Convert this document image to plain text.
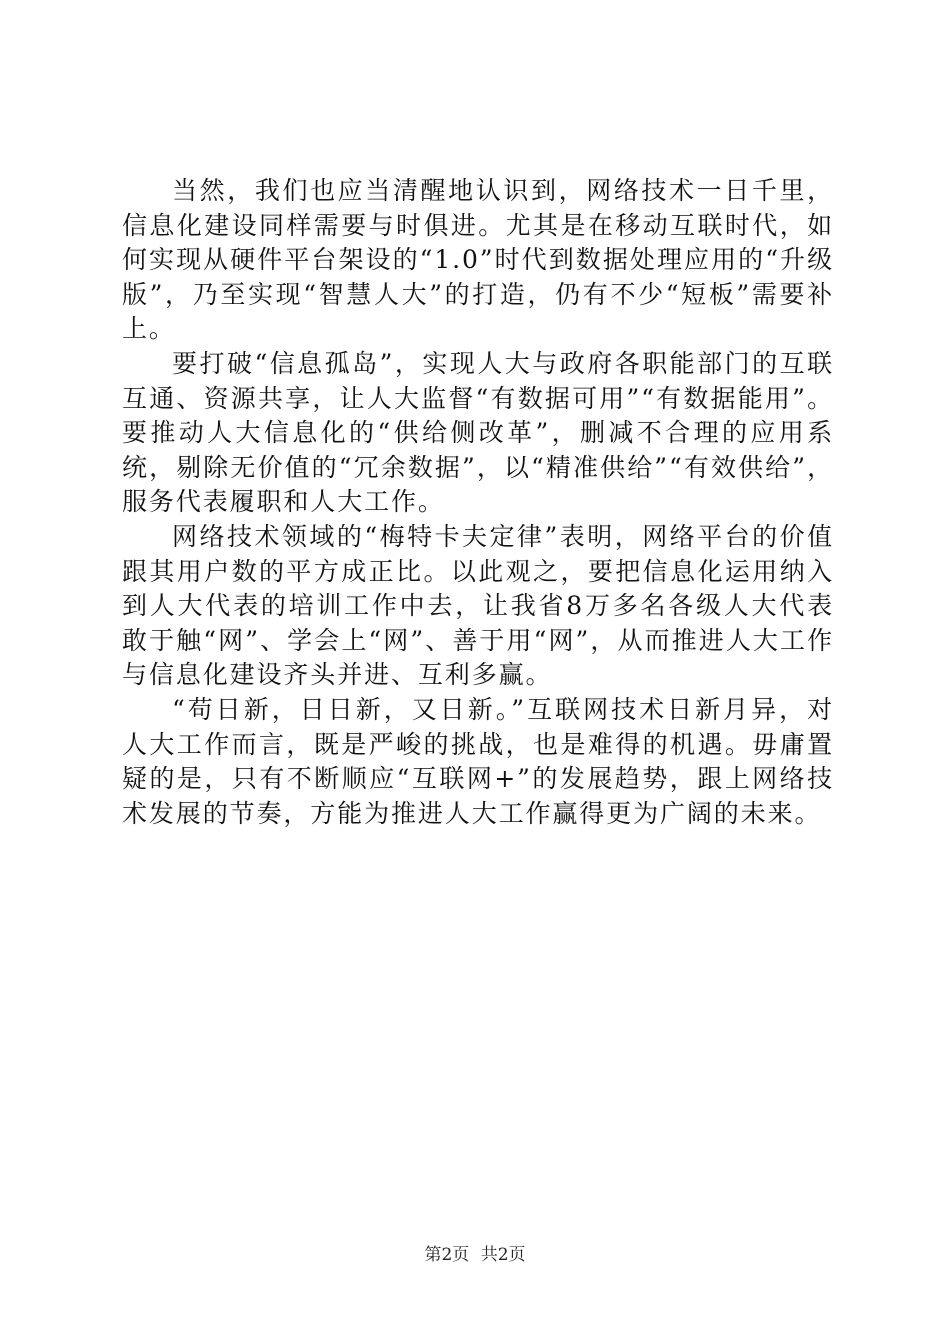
当然，我们也应当清醒地认识到，网络技术一日千里，信息化建设同样需要与时俱进。尤其是在移动互联时代，如何实现从硬件平台架设的“1.0”时代到数据处理应用的“升级版”，乃至实现“智慧人大”的打造，仍有不少“短板”需要补上。

要打破“信息孤岛”，实现人大与政府各职能部门的互联互通、资源共享，让人大监督“有数据可用”“有数据能用”。要推动人大信息化的“供给侧改革”，删减不合理的应用系统，剔除无价值的“冗余数据”，以“精准供给”“有效供给”，服务代表履职和人大工作。

网络技术领域的“梅特卡夫定律”表明，网络平台的价值跟其用户数的平方成正比。以此观之，要把信息化运用纳入到人大代表的培训工作中去，让我省8万多名各级人大代表敢于触“网”、学会上“网”、善于用“网”，从而推进人大工作与信息化建设齐头并进、互利多赢。

“苟日新，日日新，又日新。”互联网技术日新月异，对人大工作而言，既是严峻的挑战，也是难得的机遇。毋庸置疑的是，只有不断顺应“互联网+”的发展趋势，跟上网络技术发展的节奏，方能为推进人大工作赢得更为广阔的未来。

第2页 共2页
